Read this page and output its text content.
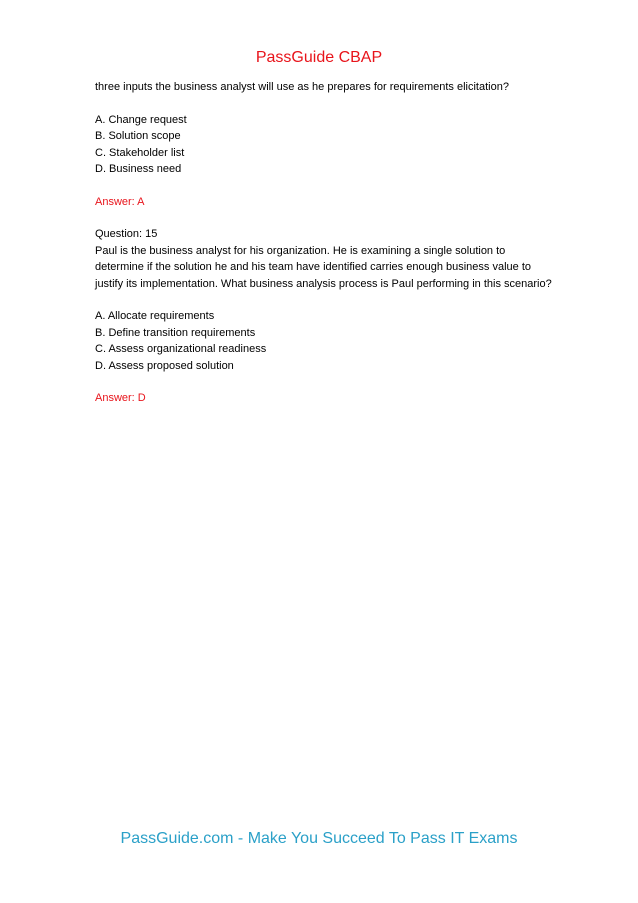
PassGuide CBAP
three inputs the business analyst will use as he prepares for requirements elicitation?
A. Change request
B. Solution scope
C. Stakeholder list
D. Business need
Answer: A
Question: 15
Paul is the business analyst for his organization. He is examining a single solution to
determine if the solution he and his team have identified carries enough business value to
justify its implementation. What business analysis process is Paul performing in this scenario?
A. Allocate requirements
B. Define transition requirements
C. Assess organizational readiness
D. Assess proposed solution
Answer: D
PassGuide.com - Make You Succeed To Pass IT Exams
